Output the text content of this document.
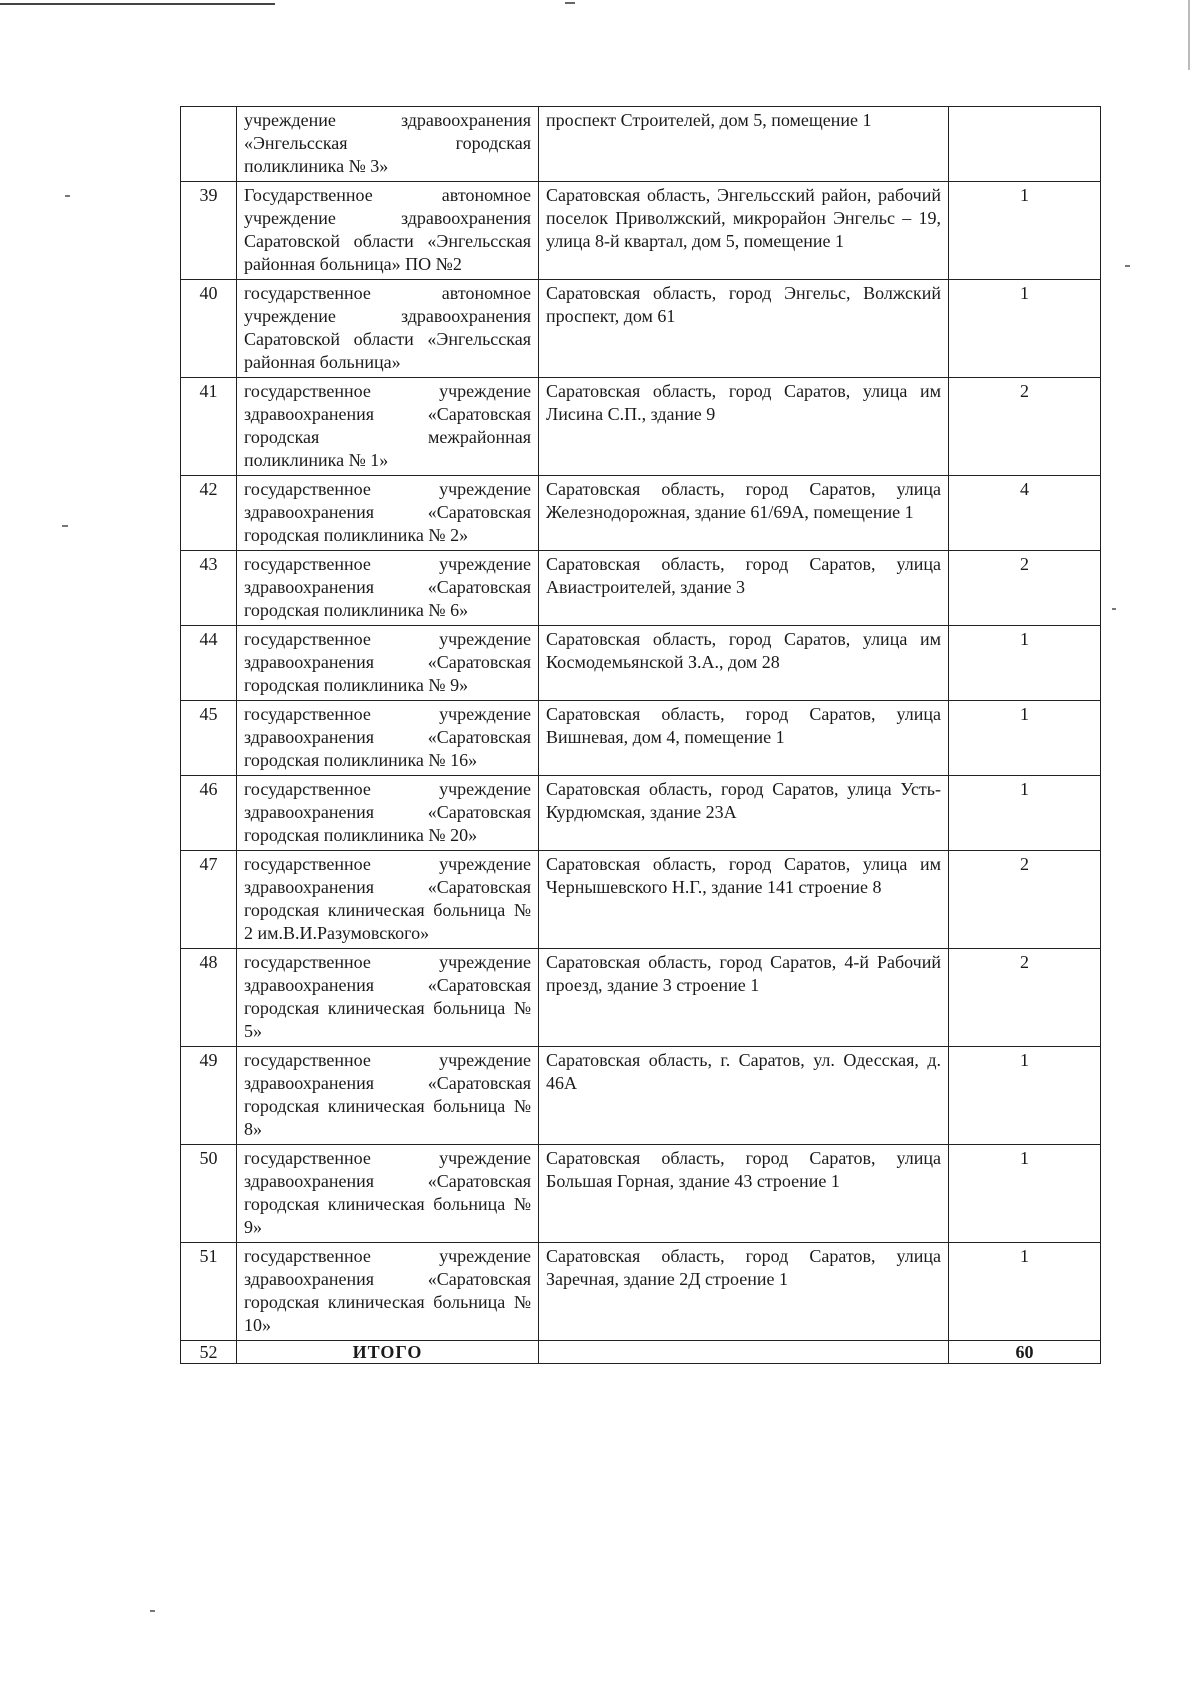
	учреждение здравоохранения «Энгельсская городская поликлиника № 3»	проспект Строителей, дом 5, помещение 1	
39	Государственное автономное учреждение здравоохранения Саратовской области «Энгельсская районная больница» ПО №2	Саратовская область, Энгельсский район, рабочий поселок Приволжский, микрорайон Энгельс – 19, улица 8-й квартал, дом 5, помещение 1	1
40	государственное автономное учреждение здравоохранения Саратовской области «Энгельсская районная больница»	Саратовская область, город Энгельс, Волжский проспект, дом 61	1
41	государственное учреждение здравоохранения «Саратовская городская межрайонная поликлиника № 1»	Саратовская область, город Саратов, улица им Лисина С.П., здание 9	2
42	государственное учреждение здравоохранения «Саратовская городская поликлиника № 2»	Саратовская область, город Саратов, улица Железнодорожная, здание 61/69А, помещение 1	4
43	государственное учреждение здравоохранения «Саратовская городская поликлиника № 6»	Саратовская область, город Саратов, улица Авиастроителей, здание 3	2
44	государственное учреждение здравоохранения «Саратовская городская поликлиника № 9»	Саратовская область, город Саратов, улица им Космодемьянской З.А., дом 28	1
45	государственное учреждение здравоохранения «Саратовская городская поликлиника № 16»	Саратовская область, город Саратов, улица Вишневая, дом 4, помещение 1	1
46	государственное учреждение здравоохранения «Саратовская городская поликлиника № 20»	Саратовская область, город Саратов, улица Усть-Курдюмская, здание 23А	1
47	государственное учреждение здравоохранения «Саратовская городская клиническая больница № 2 им.В.И.Разумовского»	Саратовская область, город Саратов, улица им Чернышевского Н.Г., здание 141 строение 8	2
48	государственное учреждение здравоохранения «Саратовская городская клиническая больница № 5»	Саратовская область, город Саратов, 4-й Рабочий проезд, здание 3 строение 1	2
49	государственное учреждение здравоохранения «Саратовская городская клиническая больница № 8»	Саратовская область, г. Саратов, ул. Одесская, д. 46А	1
50	государственное учреждение здравоохранения «Саратовская городская клиническая больница № 9»	Саратовская область, город Саратов, улица Большая Горная, здание 43 строение 1	1
51	государственное учреждение здравоохранения «Саратовская городская клиническая больница № 10»	Саратовская область, город Саратов, улица Заречная, здание 2Д строение 1	1
52	ИТОГО		60
